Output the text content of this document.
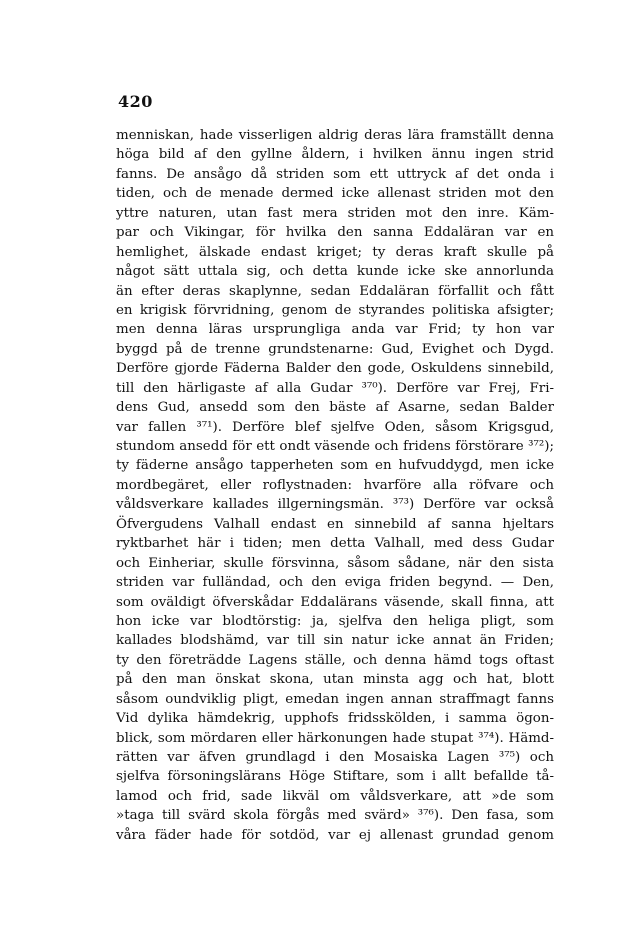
420
menniskan, hade visserligen aldrig deras lära framställt denna
höga bild af den gyllne åldern, i hvilken ännu ingen strid
fanns. De ansågo då striden som ett uttryck af det onda i
tiden, och de menade dermed icke allenast striden mot den
yttre naturen, utan fast mera striden mot den inre. Käm-
par och Vikingar, för hvilka den sanna Eddaläran var en
hemlighet, älskade endast kriget; ty deras kraft skulle på
något sätt uttala sig, och detta kunde icke ske annorlunda
än efter deras skaplynne, sedan Eddaläran förfallit och fått
en krigisk förvridning, genom de styrandes politiska afsigter;
men denna läras ursprungliga anda var Frid; ty hon var
byggd på de trenne grundstenarne: Gud, Evighet och Dygd.
Derföre gjorde Fäderna Balder den gode, Oskuldens sinnebild,
till den härligaste af alla Gudar ³⁷⁰). Derföre var Frej, Fri-
dens Gud, ansedd som den bäste af Asarne, sedan Balder
var fallen ³⁷¹). Derföre blef sjelfve Oden, såsom Krigsgud,
stundom ansedd för ett ondt väsende och fridens förstörare ³⁷²);
ty fäderne ansågo tapperheten som en hufvuddygd, men icke
mordbegäret, eller roflystnaden: hvarföre alla röfvare och
våldsverkare kallades illgerningsmän. ³⁷³) Derföre var också
Öfvergudens Valhall endast en sinnebild af sanna hjeltars
ryktbarhet här i tiden; men detta Valhall, med dess Gudar
och Einheriar, skulle försvinna, såsom sådane, när den sista
striden var fulländad, och den eviga friden begynd. — Den,
som oväldigt öfverskådar Eddalärans väsende, skall finna, att
hon icke var blodtörstig: ja, sjelfva den heliga pligt, som
kallades blodshämd, var till sin natur icke annat än Friden;
ty den företrädde Lagens ställe, och denna hämd togs oftast
på den man önskat skona, utan minsta agg och hat, blott
såsom oundviklig pligt, emedan ingen annan straffmagt fanns
Vid dylika hämdekrig, upphofs fridsskölden, i samma ögon-
blick, som mördaren eller härkonungen hade stupat ³⁷⁴). Hämd-
rätten var äfven grundlagd i den Mosaiska Lagen ³⁷⁵) och
sjelfva försoningslärans Höge Stiftare, som i allt befallde tå-
lamod och frid, sade likväl om våldsverkare, att »de som
»taga till svärd skola förgås med svärd» ³⁷⁶). Den fasa, som
våra fäder hade för sotdöd, var ej allenast grundad genom
